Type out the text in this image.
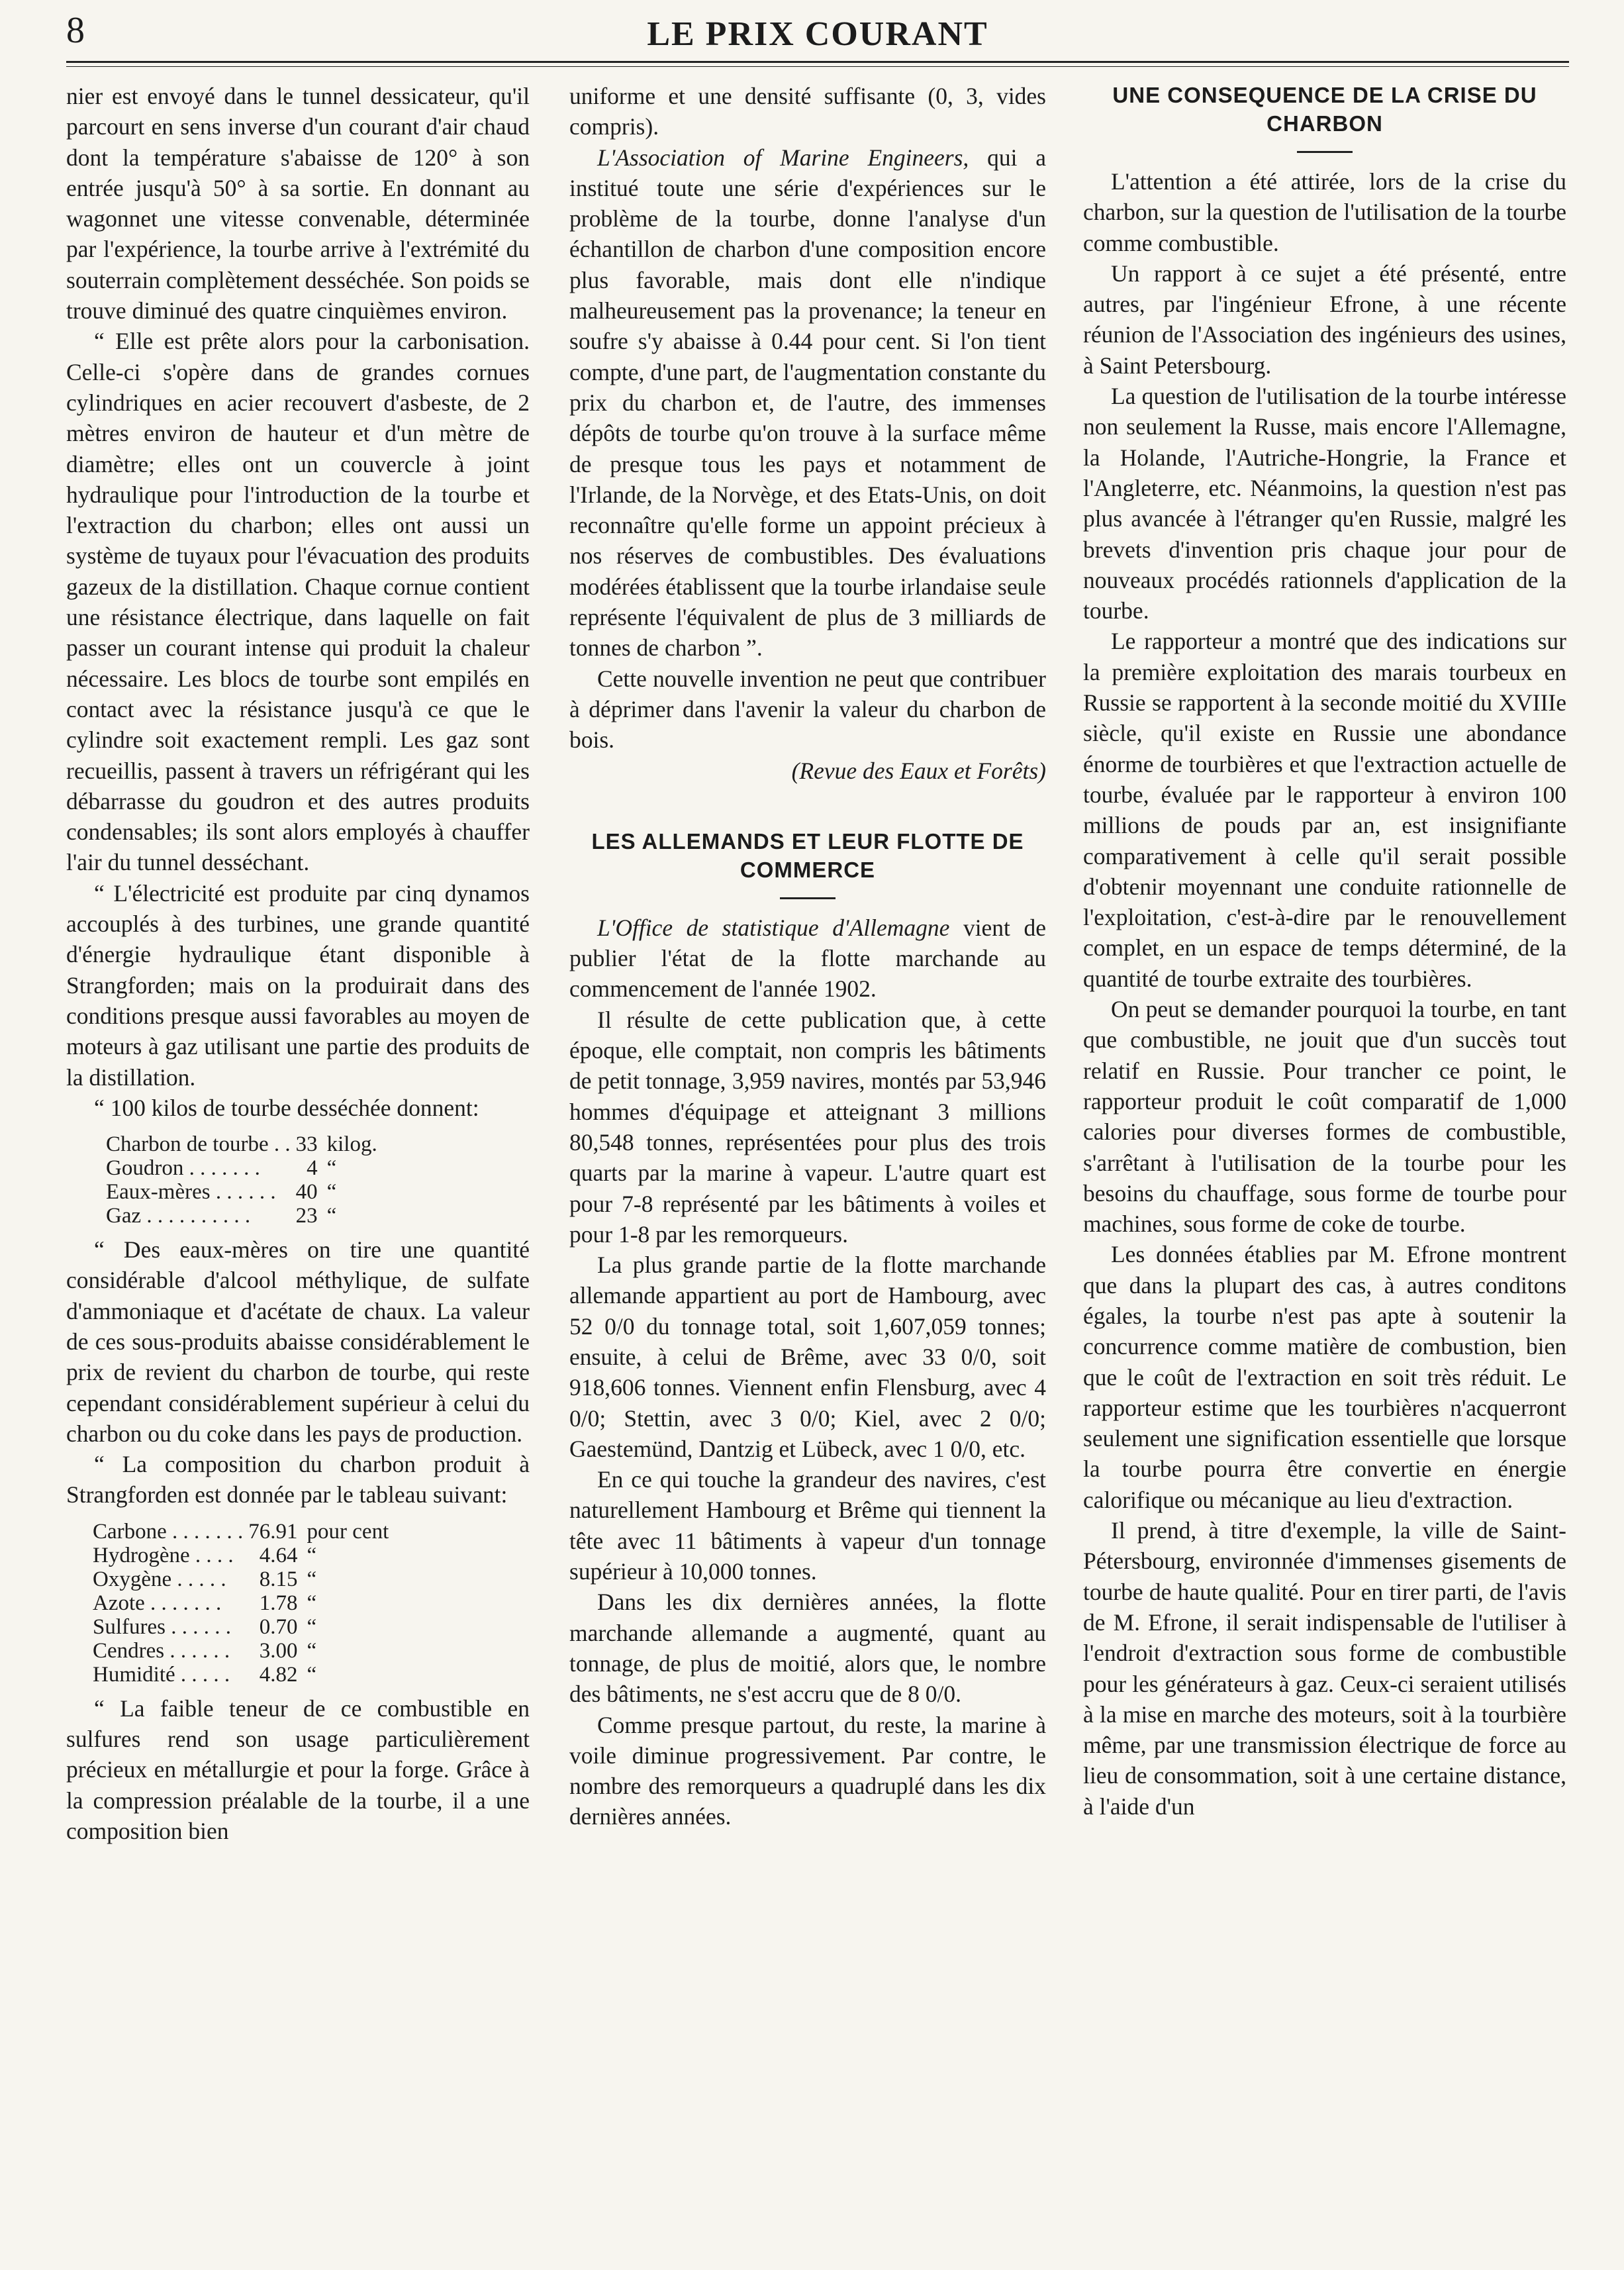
8	LE PRIX COURANT

nier est envoyé dans le tunnel dessicateur, qu'il parcourt en sens inverse d'un courant d'air chaud dont la température s'abaisse de 120° à son entrée jusqu'à 50° à sa sortie. En donnant au wagonnet une vitesse convenable, déterminée par l'expérience, la tourbe arrive à l'extrémité du souterrain complètement desséchée. Son poids se trouve diminué des quatre cinquièmes environ.

“ Elle est prête alors pour la carbonisation. Celle-ci s'opère dans de grandes cornues cylindriques en acier recouvert d'asbeste, de 2 mètres environ de hauteur et d'un mètre de diamètre; elles ont un couvercle à joint hydraulique pour l'introduction de la tourbe et l'extraction du charbon; elles ont aussi un système de tuyaux pour l'évacuation des produits gazeux de la distillation. Chaque cornue contient une résistance électrique, dans laquelle on fait passer un courant intense qui produit la chaleur nécessaire. Les blocs de tourbe sont empilés en contact avec la résistance jusqu'à ce que le cylindre soit exactement rempli. Les gaz sont recueillis, passent à travers un réfrigérant qui les débarrasse du goudron et des autres produits condensables; ils sont alors employés à chauffer l'air du tunnel desséchant.

“ L'électricité est produite par cinq dynamos accouplés à des turbines, une grande quantité d'énergie hydraulique étant disponible à Strangforden; mais on la produirait dans des conditions presque aussi favorables au moyen de moteurs à gaz utilisant une partie des produits de la distillation.

“ 100 kilos de tourbe desséchée donnent:

Charbon de tourbe . .	33	kilog.
Goudron . . . . . . .	4	“
Eaux-mères . . . . . .	40	“
Gaz . . . . . . . . . .	23	“

“ Des eaux-mères on tire une quantité considérable d'alcool méthylique, de sulfate d'ammoniaque et d'acétate de chaux. La valeur de ces sous-produits abaisse considérablement le prix de revient du charbon de tourbe, qui reste cependant considérablement supérieur à celui du charbon ou du coke dans les pays de production.

“ La composition du charbon produit à Strangforden est donnée par le tableau suivant:

Carbone . . . . . . .	76.91	pour cent
Hydrogène . . . .	4.64	“
Oxygène . . . . .	8.15	“
Azote . . . . . . .	1.78	“
Sulfures . . . . . .	0.70	“
Cendres . . . . . .	3.00	“
Humidité . . . . .	4.82	“

“ La faible teneur de ce combustible en sulfures rend son usage particulièrement précieux en métallurgie et pour la forge. Grâce à la compression préalable de la tourbe, il a une composition bien

uniforme et une densité suffisante (0, 3, vides compris).

L'Association of Marine Engineers, qui a institué toute une série d'expériences sur le problème de la tourbe, donne l'analyse d'un échantillon de charbon d'une composition encore plus favorable, mais dont elle n'indique malheureusement pas la provenance; la teneur en soufre s'y abaisse à 0.44 pour cent. Si l'on tient compte, d'une part, de l'augmentation constante du prix du charbon et, de l'autre, des immenses dépôts de tourbe qu'on trouve à la surface même de presque tous les pays et notamment de l'Irlande, de la Norvège, et des Etats-Unis, on doit reconnaître qu'elle forme un appoint précieux à nos réserves de combustibles. Des évaluations modérées établissent que la tourbe irlandaise seule représente l'équivalent de plus de 3 milliards de tonnes de charbon ”.

Cette nouvelle invention ne peut que contribuer à déprimer dans l'avenir la valeur du charbon de bois.

(Revue des Eaux et Forêts)

LES ALLEMANDS ET LEUR FLOTTE DE COMMERCE

L'Office de statistique d'Allemagne vient de publier l'état de la flotte marchande au commencement de l'année 1902.

Il résulte de cette publication que, à cette époque, elle comptait, non compris les bâtiments de petit tonnage, 3,959 navires, montés par 53,946 hommes d'équipage et atteignant 3 millions 80,548 tonnes, représentées pour plus des trois quarts par la marine à vapeur. L'autre quart est pour 7-8 représenté par les bâtiments à voiles et pour 1-8 par les remorqueurs.

La plus grande partie de la flotte marchande allemande appartient au port de Hambourg, avec 52 0/0 du tonnage total, soit 1,607,059 tonnes; ensuite, à celui de Brême, avec 33 0/0, soit 918,606 tonnes. Viennent enfin Flensburg, avec 4 0/0; Stettin, avec 3 0/0; Kiel, avec 2 0/0; Gaestemünd, Dantzig et Lübeck, avec 1 0/0, etc.

En ce qui touche la grandeur des navires, c'est naturellement Hambourg et Brême qui tiennent la tête avec 11 bâtiments à vapeur d'un tonnage supérieur à 10,000 tonnes.

Dans les dix dernières années, la flotte marchande allemande a augmenté, quant au tonnage, de plus de moitié, alors que, le nombre des bâtiments, ne s'est accru que de 8 0/0.

Comme presque partout, du reste, la marine à voile diminue progressivement. Par contre, le nombre des remorqueurs a quadruplé dans les dix dernières années.

UNE CONSEQUENCE DE LA CRISE DU CHARBON

L'attention a été attirée, lors de la crise du charbon, sur la question de l'utilisation de la tourbe comme combustible.

Un rapport à ce sujet a été présenté, entre autres, par l'ingénieur Efrone, à une récente réunion de l'Association des ingénieurs des usines, à Saint Petersbourg.

La question de l'utilisation de la tourbe intéresse non seulement la Russe, mais encore l'Allemagne, la Holande, l'Autriche-Hongrie, la France et l'Angleterre, etc. Néanmoins, la question n'est pas plus avancée à l'étranger qu'en Russie, malgré les brevets d'invention pris chaque jour pour de nouveaux procédés rationnels d'application de la tourbe.

Le rapporteur a montré que des indications sur la première exploitation des marais tourbeux en Russie se rapportent à la seconde moitié du XVIIIe siècle, qu'il existe en Russie une abondance énorme de tourbières et que l'extraction actuelle de tourbe, évaluée par le rapporteur à environ 100 millions de pouds par an, est insignifiante comparativement à celle qu'il serait possible d'obtenir moyennant une conduite rationnelle de l'exploitation, c'est-à-dire par le renouvellement complet, en un espace de temps déterminé, de la quantité de tourbe extraite des tourbières.

On peut se demander pourquoi la tourbe, en tant que combustible, ne jouit que d'un succès tout relatif en Russie. Pour trancher ce point, le rapporteur produit le coût comparatif de 1,000 calories pour diverses formes de combustible, s'arrêtant à l'utilisation de la tourbe pour les besoins du chauffage, sous forme de tourbe pour machines, sous forme de coke de tourbe.

Les données établies par M. Efrone montrent que dans la plupart des cas, à autres conditons égales, la tourbe n'est pas apte à soutenir la concurrence comme matière de combustion, bien que le coût de l'extraction en soit très réduit. Le rapporteur estime que les tourbières n'acquerront seulement une signification essentielle que lorsque la tourbe pourra être convertie en énergie calorifique ou mécanique au lieu d'extraction.

Il prend, à titre d'exemple, la ville de Saint-Pétersbourg, environnée d'immenses gisements de tourbe de haute qualité. Pour en tirer parti, de l'avis de M. Efrone, il serait indispensable de l'utiliser à l'endroit d'extraction sous forme de combustible pour les générateurs à gaz. Ceux-ci seraient utilisés à la mise en marche des moteurs, soit à la tourbière même, par une transmission électrique de force au lieu de consommation, soit à une certaine distance, à l'aide d'un
